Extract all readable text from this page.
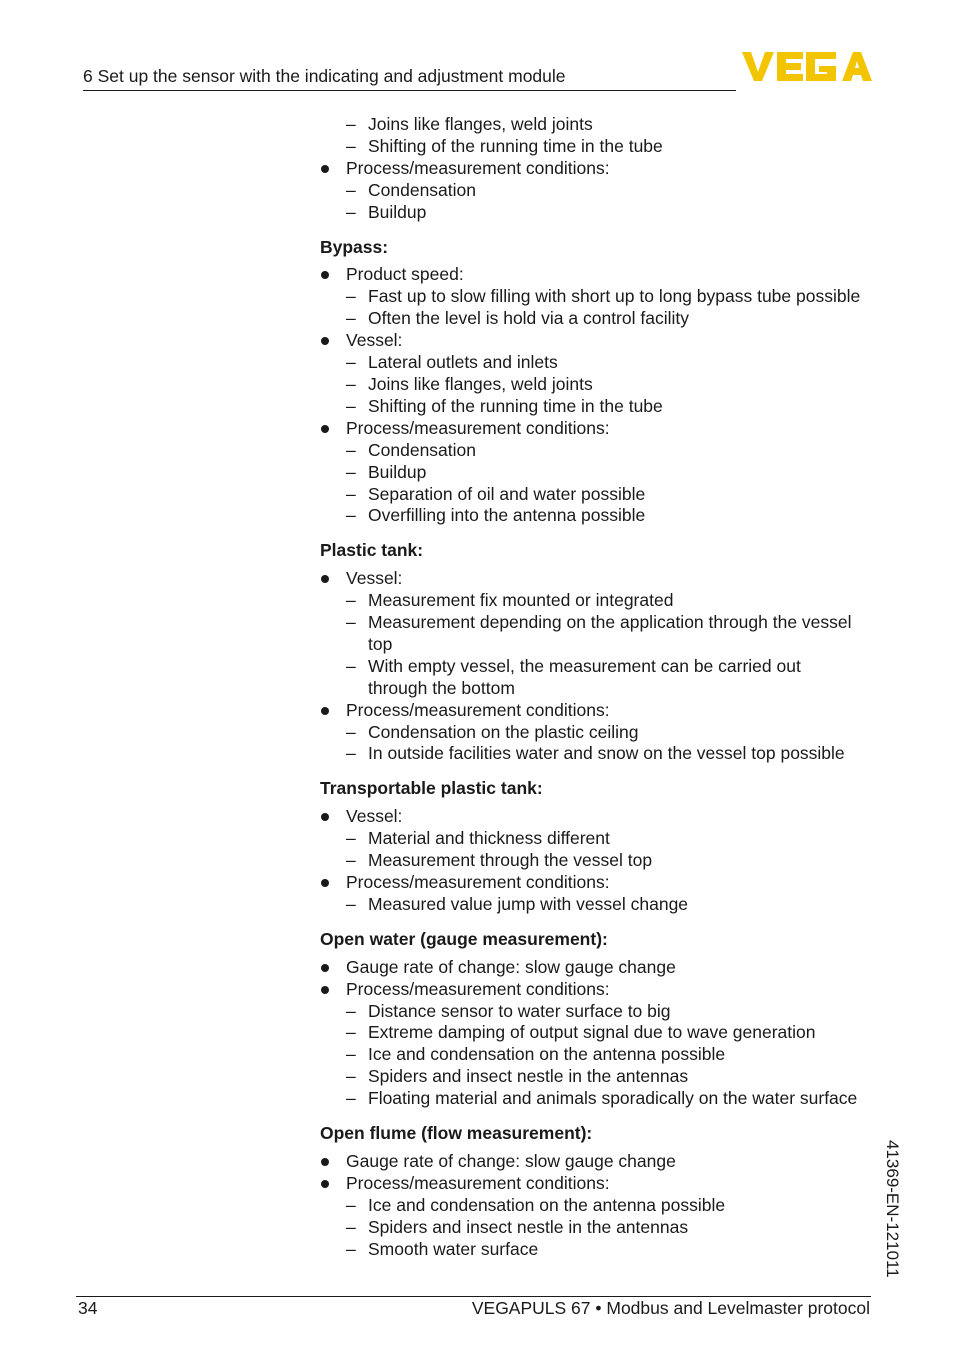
6 Set up the sensor with the indicating and adjustment module
– Joins like flanges, weld joints
– Shifting of the running time in the tube
Process/measurement conditions:
– Condensation
– Buildup
Bypass:
Product speed:
– Fast up to slow filling with short up to long bypass tube possible
– Often the level is hold via a control facility
Vessel:
– Lateral outlets and inlets
– Joins like flanges, weld joints
– Shifting of the running time in the tube
Process/measurement conditions:
– Condensation
– Buildup
– Separation of oil and water possible
– Overfilling into the antenna possible
Plastic tank:
Vessel:
– Measurement fix mounted or integrated
– Measurement depending on the application through the vessel
top
– With empty vessel, the measurement can be carried out
through the bottom
Process/measurement conditions:
– Condensation on the plastic ceiling
– In outside facilities water and snow on the vessel top possible
Transportable plastic tank:
Vessel:
– Material and thickness different
– Measurement through the vessel top
Process/measurement conditions:
– Measured value jump with vessel change
Open water (gauge measurement):
Gauge rate of change: slow gauge change
Process/measurement conditions:
– Distance sensor to water surface to big
– Extreme damping of output signal due to wave generation
– Ice and condensation on the antenna possible
– Spiders and insect nestle in the antennas
– Floating material and animals sporadically on the water surface
Open flume (flow measurement):
Gauge rate of change: slow gauge change
Process/measurement conditions:
– Ice and condensation on the antenna possible
– Spiders and insect nestle in the antennas
– Smooth water surface	41369-EN-121011
34	VEGAPULS 67 • Modbus and Levelmaster protocol
